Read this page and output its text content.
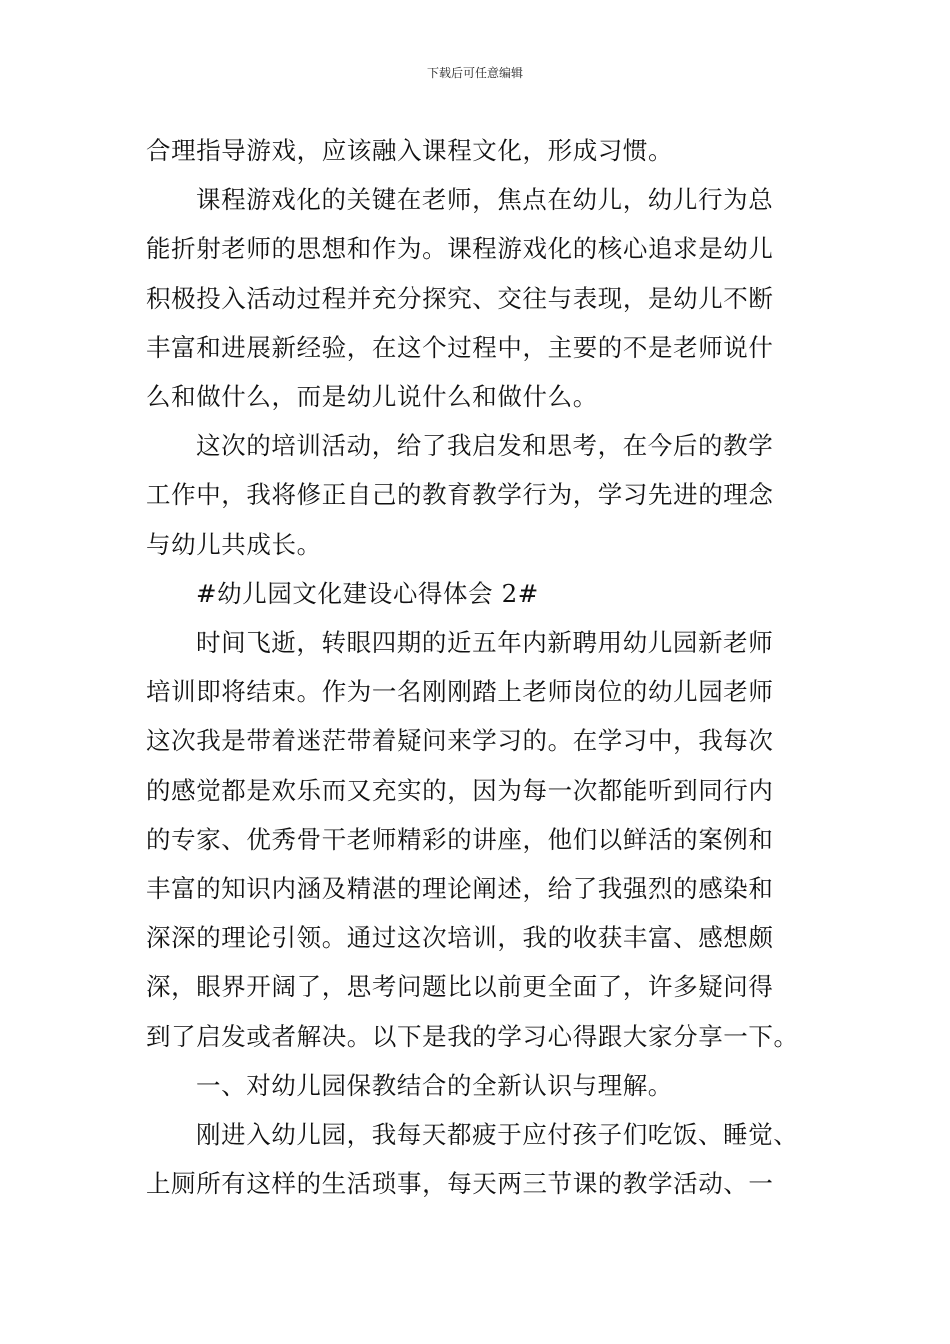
下载后可任意编辑
合理指导游戏，应该融入课程文化，形成习惯。
课程游戏化的关键在老师，焦点在幼儿，幼儿行为总
能折射老师的思想和作为。课程游戏化的核心追求是幼儿
积极投入活动过程并充分探究、交往与表现，是幼儿不断
丰富和进展新经验，在这个过程中，主要的不是老师说什
么和做什么，而是幼儿说什么和做什么。
这次的培训活动，给了我启发和思考，在今后的教学
工作中，我将修正自己的教育教学行为，学习先进的理念
与幼儿共成长。
#幼儿园文化建设心得体会 2#
时间飞逝，转眼四期的近五年内新聘用幼儿园新老师
培训即将结束。作为一名刚刚踏上老师岗位的幼儿园老师
这次我是带着迷茫带着疑问来学习的。在学习中，我每次
的感觉都是欢乐而又充实的，因为每一次都能听到同行内
的专家、优秀骨干老师精彩的讲座，他们以鲜活的案例和
丰富的知识内涵及精湛的理论阐述，给了我强烈的感染和
深深的理论引领。通过这次培训，我的收获丰富、感想颇
深，眼界开阔了，思考问题比以前更全面了，许多疑问得
到了启发或者解决。以下是我的学习心得跟大家分享一下。
一、对幼儿园保教结合的全新认识与理解。
刚进入幼儿园，我每天都疲于应付孩子们吃饭、睡觉、
上厕所有这样的生活琐事，每天两三节课的教学活动、一
